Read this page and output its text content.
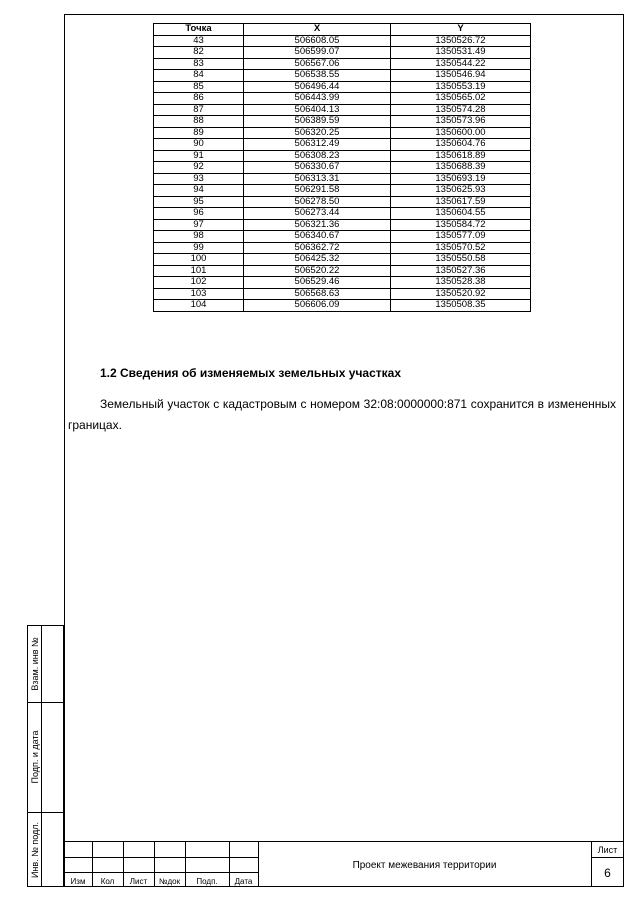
Точка	X	Y
43	506608.05	1350526.72
82	506599.07	1350531.49
83	506567.06	1350544.22
84	506538.55	1350546.94
85	506496.44	1350553.19
86	506443.99	1350565.02
87	506404.13	1350574.28
88	506389.59	1350573.96
89	506320.25	1350600.00
90	506312.49	1350604.76
91	506308.23	1350618.89
92	506330.67	1350688.39
93	506313.31	1350693.19
94	506291.58	1350625.93
95	506278.50	1350617.59
96	506273.44	1350604.55
97	506321.36	1350584.72
98	506340.67	1350577.09
99	506362.72	1350570.52
100	506425.32	1350550.58
101	506520.22	1350527.36
102	506529.46	1350528.38
103	506568.63	1350520.92
104	506606.09	1350508.35
1.2 Сведения об изменяемых земельных участках
Земельный участок с кадастровым с номером 32:08:0000000:871 сохранится в измененных границах.
Взам. инв №
Подп. и дата
Инв. № подл.
Изм	Кол	Лист	№док	Подп.	Дата
Проект межевания территории
Лист
6
